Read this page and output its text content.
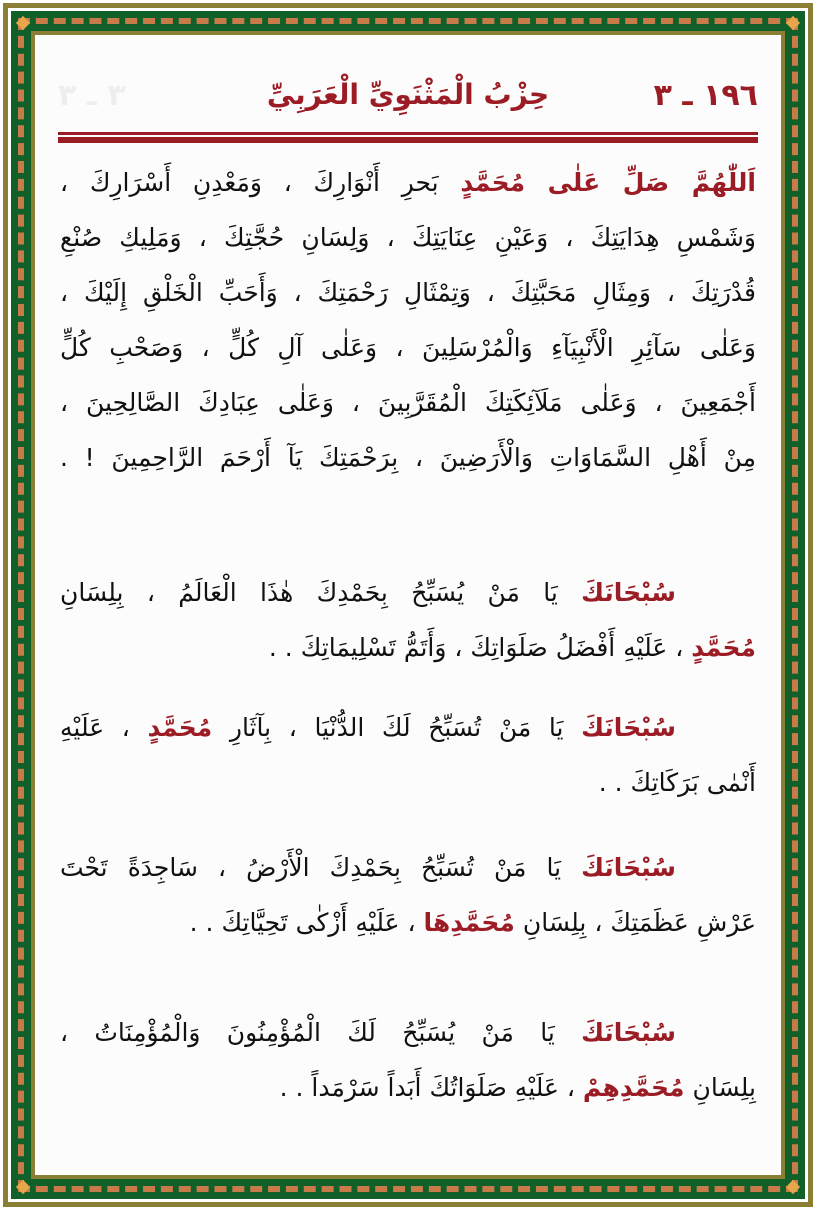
١٩٦ ـ ٣
حِزْبُ الْمَثْنَوِيِّ الْعَرَبِيِّ
٣ ـ ٣
اَللّٰهُمَّ صَلِّ عَلٰى مُحَمَّدٍ بَحرِ أَنْوَارِكَ ، وَمَعْدِنِ أَسْرَارِكَ ،
وَشَمْسِ هِدَايَتِكَ ، وَعَيْنِ عِنَايَتِكَ ، وَلِسَانِ حُجَّتِكَ ، وَمَلِيكِ صُنْعِ
قُدْرَتِكَ ، وَمِثَالِ مَحَبَّتِكَ ، وَتِمْثَالِ رَحْمَتِكَ ، وَأَحَبِّ الْخَلْقِ إِلَيْكَ ،
وَعَلٰى سَآئِرِ الْأَنْبِيَآءِ وَالْمُرْسَلِينَ ، وَعَلٰى آلِ كُلٍّ ، وَصَحْبِ كُلٍّ
أَجْمَعِينَ ، وَعَلٰى مَلَآئِكَتِكَ الْمُقَرَّبِينَ ، وَعَلٰى عِبَادِكَ الصَّالِحِينَ ،
مِنْ أَهْلِ السَّمَاوَاتِ وَالْأَرَضِينَ ، بِرَحْمَتِكَ يَآ أَرْحَمَ الرَّاحِمِينَ ! .
سُبْحَانَكَ يَا مَنْ يُسَبِّحُ بِحَمْدِكَ هٰذَا الْعَالَمُ ، بِلِسَانِ
مُحَمَّدٍ ، عَلَيْهِ أَفْضَلُ صَلَوَاتِكَ ، وَأَتَمُّ تَسْلِيمَاتِكَ . .
سُبْحَانَكَ يَا مَنْ تُسَبِّحُ لَكَ الدُّنْيَا ، بِآثَارِ مُحَمَّدٍ ، عَلَيْهِ
أَنْمٰى بَرَكَاتِكَ . .
سُبْحَانَكَ يَا مَنْ تُسَبِّحُ بِحَمْدِكَ الْأَرْضُ ، سَاجِدَةً تَحْتَ
عَرْشِ عَظَمَتِكَ ، بِلِسَانِ مُحَمَّدِهَا ، عَلَيْهِ أَزْكٰى تَحِيَّاتِكَ . .
سُبْحَانَكَ يَا مَنْ يُسَبِّحُ لَكَ الْمُؤْمِنُونَ وَالْمُؤْمِنَاتُ ،
بِلِسَانِ مُحَمَّدِهِمْ ، عَلَيْهِ صَلَوَاتُكَ أَبَداً سَرْمَداً . .
